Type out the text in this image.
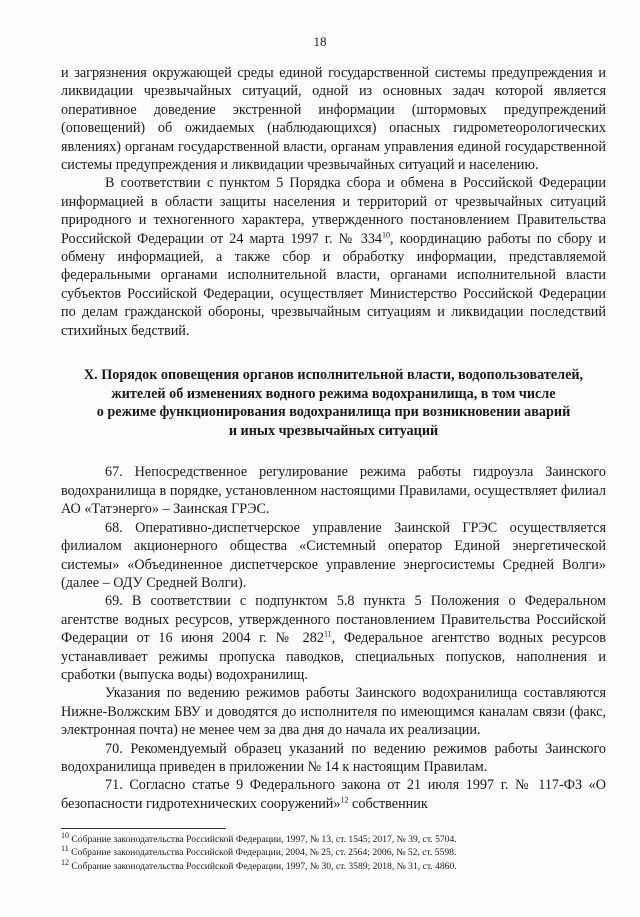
18

и загрязнения окружающей среды единой государственной системы предупреждения и ликвидации чрезвычайных ситуаций, одной из основных задач которой является оперативное доведение экстренной информации (штормовых предупреждений (оповещений) об ожидаемых (наблюдающихся) опасных гидрометеорологических явлениях) органам государственной власти, органам управления единой государственной системы предупреждения и ликвидации чрезвычайных ситуаций и населению.

В соответствии с пунктом 5 Порядка сбора и обмена в Российской Федерации информацией в области защиты населения и территорий от чрезвычайных ситуаций природного и техногенного характера, утвержденного постановлением Правительства Российской Федерации от 24 марта 1997 г. № $334^{10}$, координацию работы по сбору и обмену информацией, а также сбор и обработку информации, представляемой федеральными органами исполнительной власти, органами исполнительной власти субъектов Российской Федерации, осуществляет Министерство Российской Федерации по делам гражданской обороны, чрезвычайным ситуациям и ликвидации последствий стихийных бедствий.

X. Порядок оповещения органов исполнительной власти, водопользователей,
жителей об изменениях водного режима водохранилища, в том числе
о режиме функционирования водохранилища при возникновении аварий
и иных чрезвычайных ситуаций

67. Непосредственное регулирование режима работы гидроузла Заинского водохранилища в порядке, установленном настоящими Правилами, осуществляет филиал АО «Татэнерго» – Заинская ГРЭС.

68. Оперативно-диспетчерское управление Заинской ГРЭС осуществляется филиалом акционерного общества «Системный оператор Единой энергетической системы» «Объединенное диспетчерское управление энергосистемы Средней Волги» (далее – ОДУ Средней Волги).

69. В соответствии с подпунктом 5.8 пункта 5 Положения о Федеральном агентстве водных ресурсов, утвержденного постановлением Правительства Российской Федерации от 16 июня 2004 г. № $282^{11}$, Федеральное агентство водных ресурсов устанавливает режимы пропуска паводков, специальных попусков, наполнения и сработки (выпуска воды) водохранилищ.

Указания по ведению режимов работы Заинского водохранилища составляются Нижне-Волжским БВУ и доводятся до исполнителя по имеющимся каналам связи (факс, электронная почта) не менее чем за два дня до начала их реализации.

70. Рекомендуемый образец указаний по ведению режимов работы Заинского водохранилища приведен в приложении № 14 к настоящим Правилам.

71. Согласно статье 9 Федерального закона от 21 июля 1997 г. № 117-ФЗ «О безопасности гидротехнических сооружений»$^{12}$ собственник

$^{10}$ Собрание законодательства Российской Федерации, 1997, № 13, ст. 1545; 2017, № 39, ст. 5704.
$^{11}$ Собрание законодательства Российской Федерации, 2004, № 25, ст. 2564; 2006, № 52, ст. 5598.
$^{12}$ Собрание законодательства Российской Федерации, 1997, № 30, ст. 3589; 2018, № 31, ст. 4860.
